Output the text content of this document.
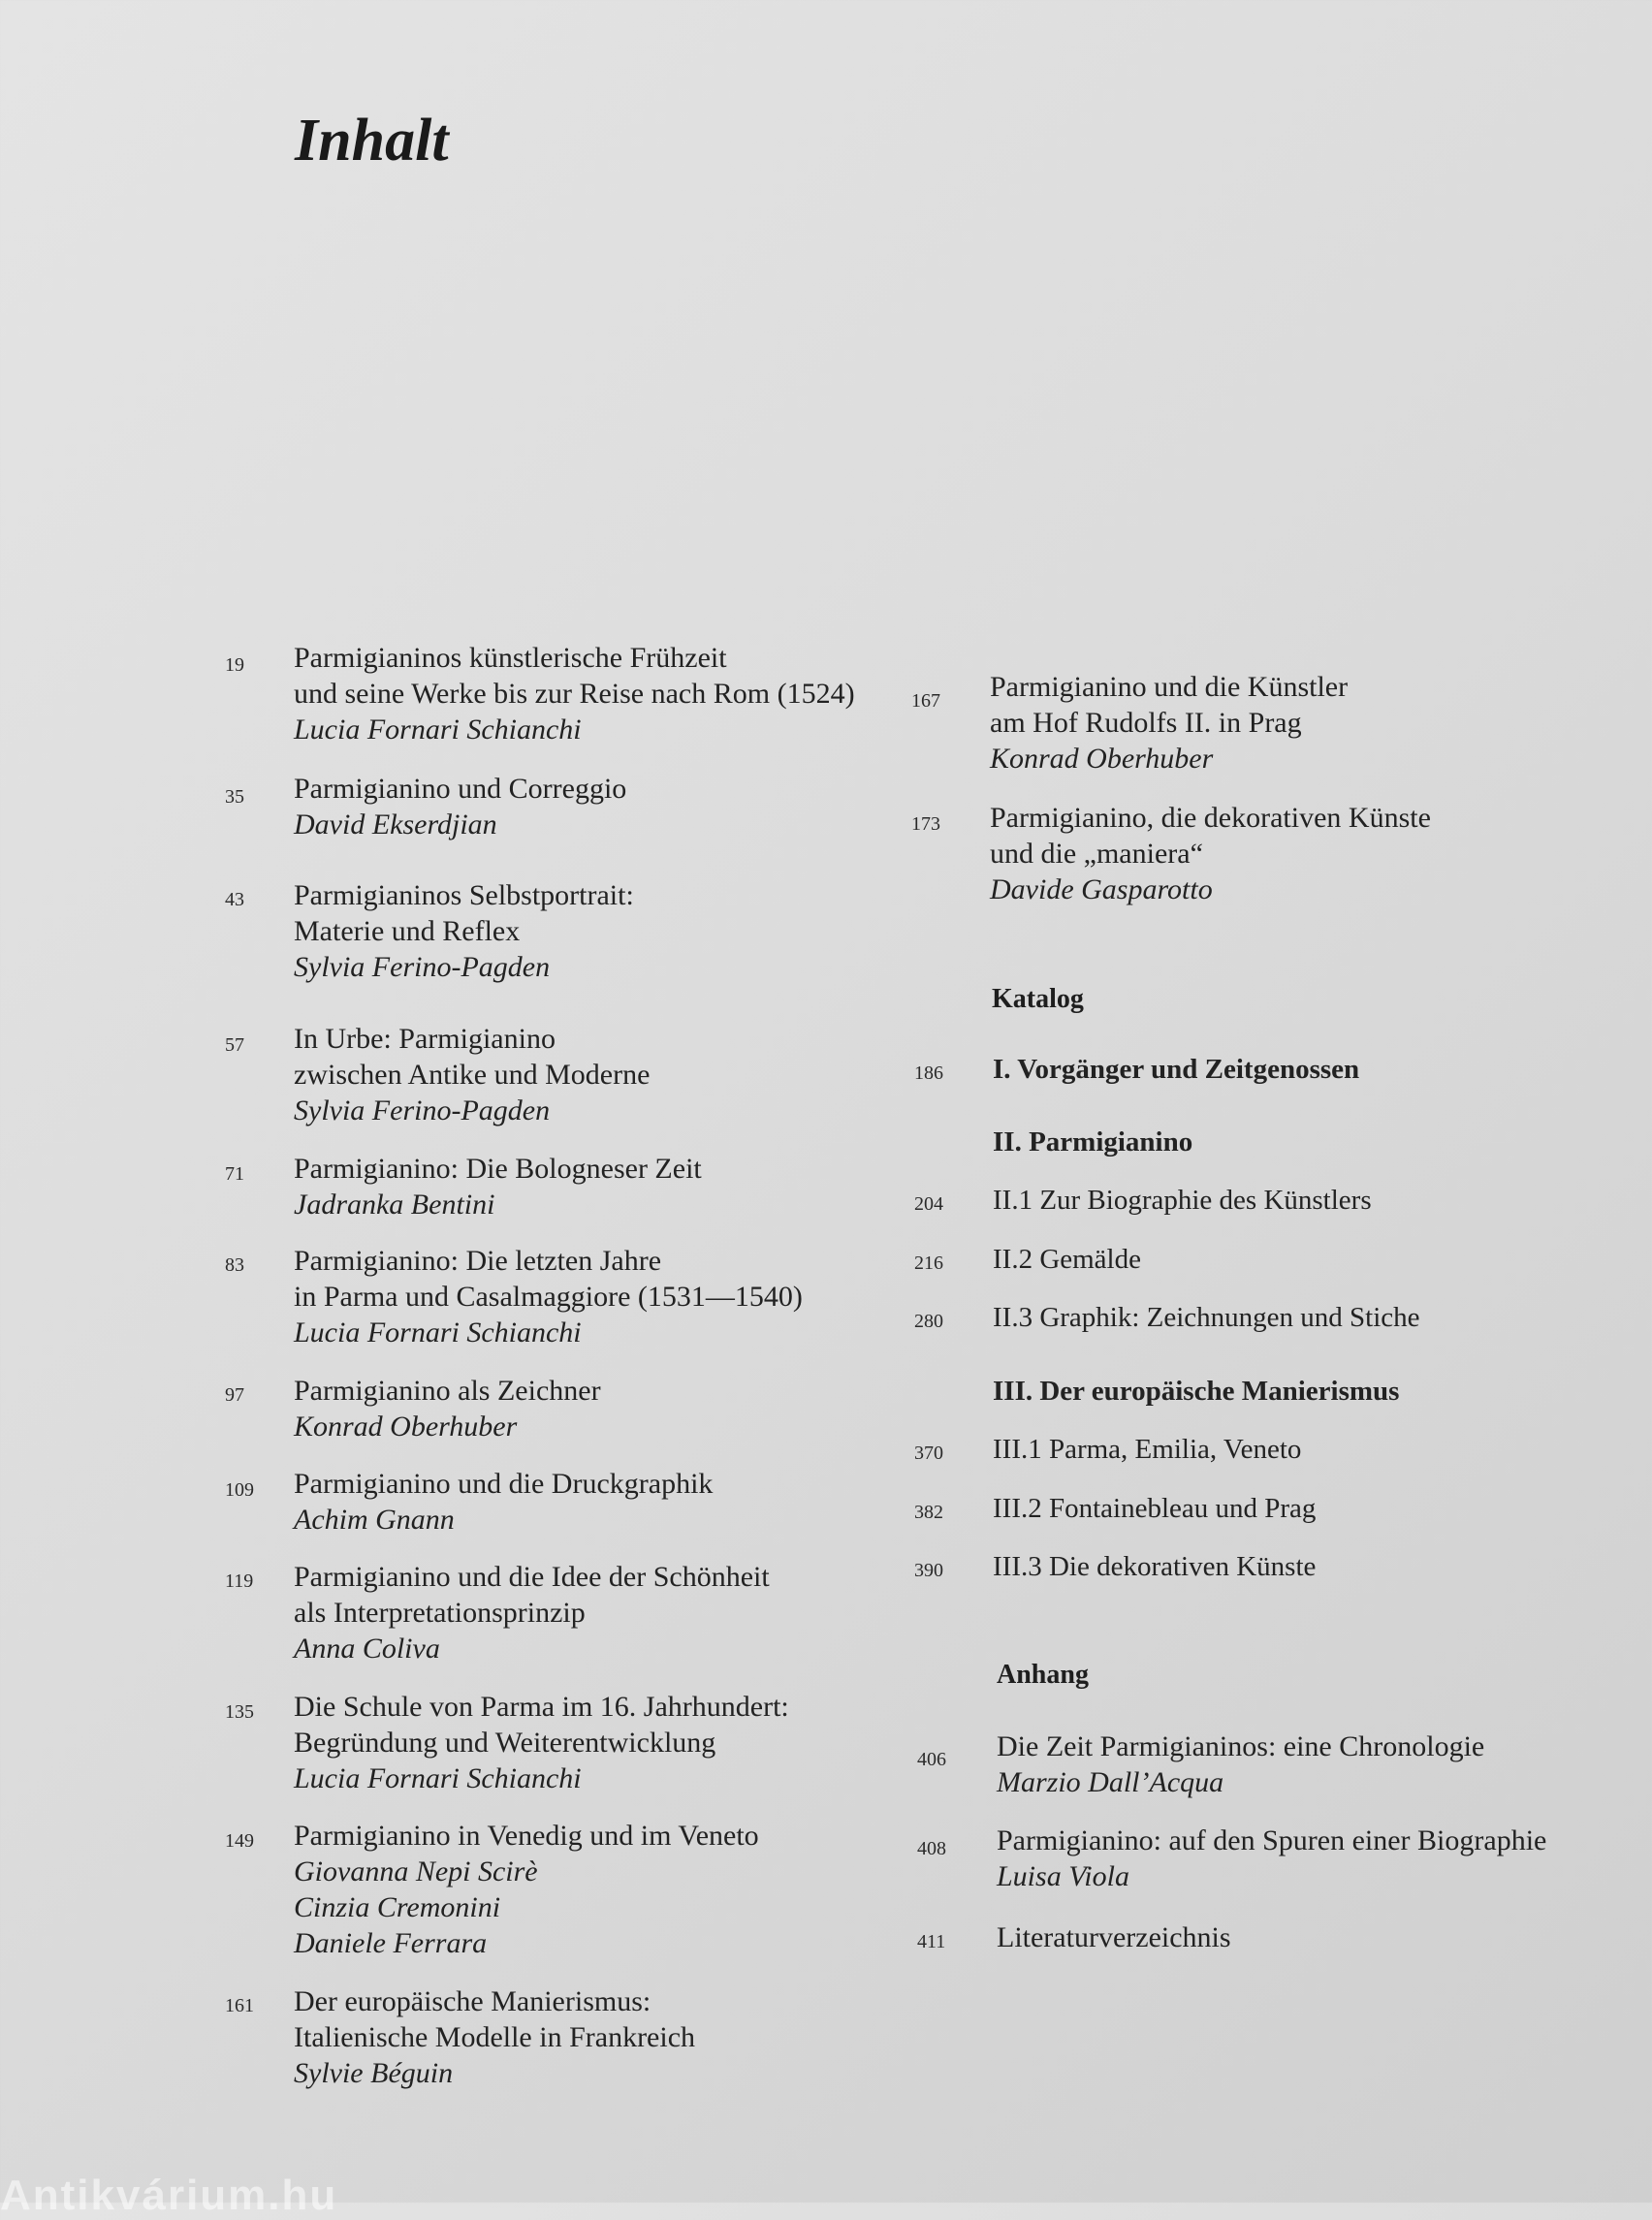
Inhalt
19	Parmigianinos künstlerische Frühzeit
und seine Werke bis zur Reise nach Rom (1524)
Lucia Fornari Schianchi
35	Parmigianino und Correggio
David Ekserdjian
43	Parmigianinos Selbstportrait:
Materie und Reflex
Sylvia Ferino-Pagden
57	In Urbe: Parmigianino
zwischen Antike und Moderne
Sylvia Ferino-Pagden
71	Parmigianino: Die Bologneser Zeit
Jadranka Bentini
83	Parmigianino: Die letzten Jahre
in Parma und Casalmaggiore (1531—1540)
Lucia Fornari Schianchi
97	Parmigianino als Zeichner
Konrad Oberhuber
109	Parmigianino und die Druckgraphik
Achim Gnann
119	Parmigianino und die Idee der Schönheit
als Interpretationsprinzip
Anna Coliva
135	Die Schule von Parma im 16. Jahrhundert:
Begründung und Weiterentwicklung
Lucia Fornari Schianchi
149	Parmigianino in Venedig und im Veneto
Giovanna Nepi Scirè
Cinzia Cremonini
Daniele Ferrara
161	Der europäische Manierismus:
Italienische Modelle in Frankreich
Sylvie Béguin
167	Parmigianino und die Künstler
am Hof Rudolfs II. in Prag
Konrad Oberhuber
173	Parmigianino, die dekorativen Künste
und die „maniera“
Davide Gasparotto
Katalog
186	I. Vorgänger und Zeitgenossen
II. Parmigianino
204	II.1 Zur Biographie des Künstlers
216	II.2 Gemälde
280	II.3 Graphik: Zeichnungen und Stiche
III. Der europäische Manierismus
370	III.1 Parma, Emilia, Veneto
382	III.2 Fontainebleau und Prag
390	III.3 Die dekorativen Künste
Anhang
406	Die Zeit Parmigianinos: eine Chronologie
Marzio Dall’Acqua
408	Parmigianino: auf den Spuren einer Biographie
Luisa Viola
411	Literaturverzeichnis
Antikvárium.hu
